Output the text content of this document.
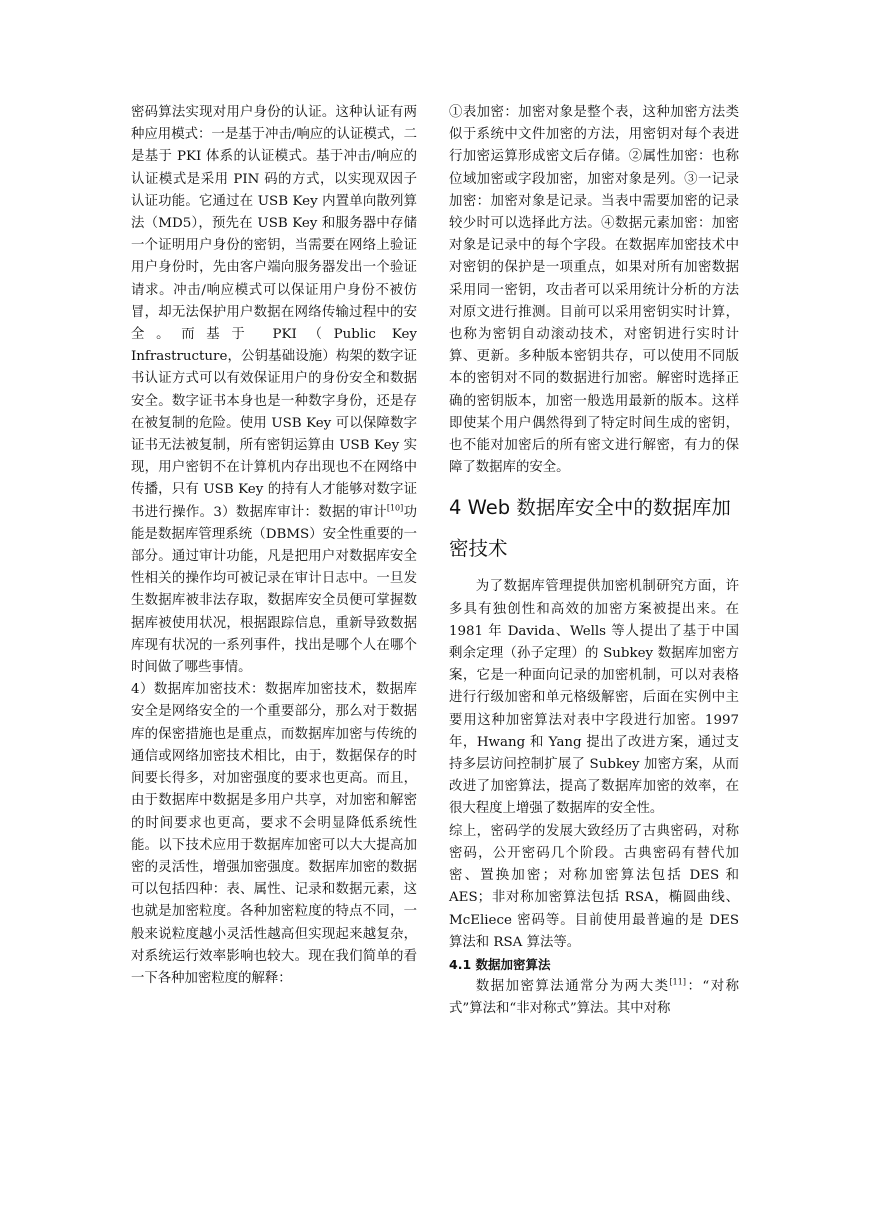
密码算法实现对用户身份的认证。这种认证有两种应用模式：一是基于冲击/响应的认证模式，二是基于 PKI 体系的认证模式。基于冲击/响应的认证模式是采用 PIN 码的方式，以实现双因子认证功能。它通过在 USB Key 内置单向散列算法（MD5），预先在 USB Key 和服务器中存储一个证明用户身份的密钥，当需要在网络上验证用户身份时，先由客户端向服务器发出一个验证请求。冲击/响应模式可以保证用户身份不被仿冒，却无法保护用户数据在网络传输过程中的安全。而基于 PKI（Public Key Infrastructure，公钥基础设施）构架的数字证书认证方式可以有效保证用户的身份安全和数据安全。数字证书本身也是一种数字身份，还是存在被复制的危险。使用 USB Key 可以保障数字证书无法被复制，所有密钥运算由 USB Key 实现，用户密钥不在计算机内存出现也不在网络中传播，只有 USB Key 的持有人才能够对数字证书进行操作。3）数据库审计：数据的审计[10]功能是数据库管理系统（DBMS）安全性重要的一部分。通过审计功能，凡是把用户对数据库安全性相关的操作均可被记录在审计日志中。一旦发生数据库被非法存取，数据库安全员便可掌握数据库被使用状况，根据跟踪信息，重新导致数据库现有状况的一系列事件，找出是哪个人在哪个时间做了哪些事情。

4）数据库加密技术：数据库加密技术，数据库安全是网络安全的一个重要部分，那么对于数据库的保密措施也是重点，而数据库加密与传统的通信或网络加密技术相比，由于，数据保存的时间要长得多，对加密强度的要求也更高。而且，由于数据库中数据是多用户共享，对加密和解密的时间要求也更高，要求不会明显降低系统性能。以下技术应用于数据库加密可以大大提高加密的灵活性，增强加密强度。数据库加密的数据可以包括四种：表、属性、记录和数据元素，这也就是加密粒度。各种加密粒度的特点不同，一般来说粒度越小灵活性越高但实现起来越复杂，对系统运行效率影响也较大。现在我们简单的看一下各种加密粒度的解释：

①表加密：加密对象是整个表，这种加密方法类似于系统中文件加密的方法，用密钥对每个表进行加密运算形成密文后存储。②属性加密：也称位域加密或字段加密，加密对象是列。③一记录加密：加密对象是记录。当表中需要加密的记录较少时可以选择此方法。④数据元素加密：加密对象是记录中的每个字段。在数据库加密技术中对密钥的保护是一项重点，如果对所有加密数据采用同一密钥，攻击者可以采用统计分析的方法对原文进行推测。目前可以采用密钥实时计算，也称为密钥自动滚动技术，对密钥进行实时计算、更新。多种版本密钥共存，可以使用不同版本的密钥对不同的数据进行加密。解密时选择正确的密钥版本，加密一般选用最新的版本。这样即使某个用户偶然得到了特定时间生成的密钥，也不能对加密后的所有密文进行解密，有力的保障了数据库的安全。

4 Web 数据库安全中的数据库加密技术

为了数据库管理提供加密机制研究方面，许多具有独创性和高效的加密方案被提出来。在 1981 年 Davida、Wells 等人提出了基于中国剩余定理（孙子定理）的 Subkey 数据库加密方案，它是一种面向记录的加密机制，可以对表格进行行级加密和单元格级解密，后面在实例中主要用这种加密算法对表中字段进行加密。1997 年，Hwang 和 Yang 提出了改进方案，通过支持多层访问控制扩展了 Subkey 加密方案，从而改进了加密算法，提高了数据库加密的效率，在很大程度上增强了数据库的安全性。

综上，密码学的发展大致经历了古典密码，对称密码，公开密码几个阶段。古典密码有替代加密、置换加密；对称加密算法包括 DES 和 AES；非对称加密算法包括 RSA，椭圆曲线、McEliece 密码等。目前使用最普遍的是 DES 算法和 RSA 算法等。

4.1 数据加密算法

数据加密算法通常分为两大类[11]：“对称式”算法和“非对称式”算法。其中对称
